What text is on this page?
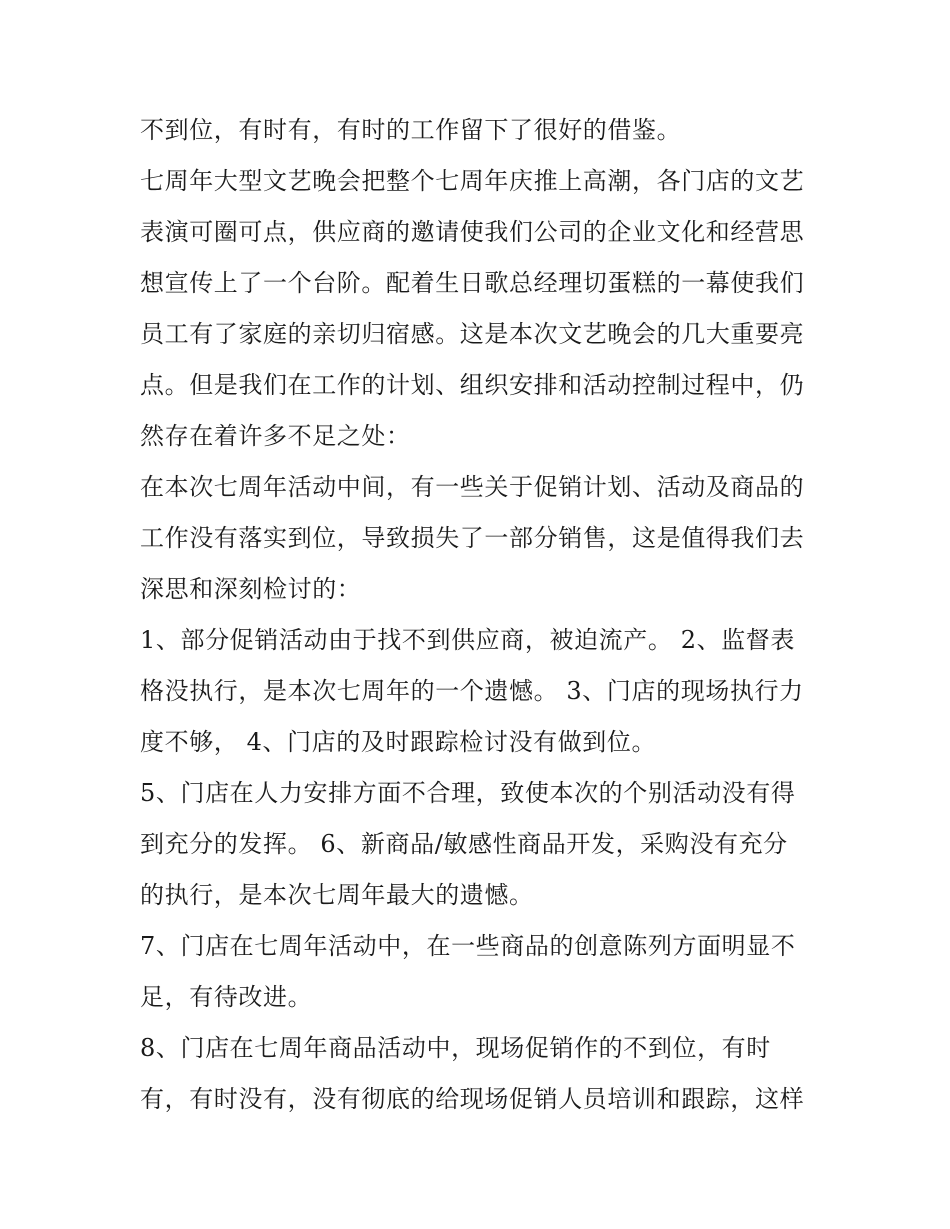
不到位，有时有，有时的工作留下了很好的借鉴。
七周年大型文艺晚会把整个七周年庆推上高潮，各门店的文艺
表演可圈可点，供应商的邀请使我们公司的企业文化和经营思
想宣传上了一个台阶。配着生日歌总经理切蛋糕的一幕使我们
员工有了家庭的亲切归宿感。这是本次文艺晚会的几大重要亮
点。但是我们在工作的计划、组织安排和活动控制过程中，仍
然存在着许多不足之处：
在本次七周年活动中间，有一些关于促销计划、活动及商品的
工作没有落实到位，导致损失了一部分销售，这是值得我们去
深思和深刻检讨的：
1、部分促销活动由于找不到供应商，被迫流产。 2、监督表
格没执行，是本次七周年的一个遗憾。 3、门店的现场执行力
度不够， 4、门店的及时跟踪检讨没有做到位。
5、门店在人力安排方面不合理，致使本次的个别活动没有得
到充分的发挥。 6、新商品/敏感性商品开发，采购没有充分
的执行，是本次七周年最大的遗憾。
7、门店在七周年活动中，在一些商品的创意陈列方面明显不
足，有待改进。
8、门店在七周年商品活动中，现场促销作的不到位，有时
有，有时没有，没有彻底的给现场促销人员培训和跟踪，这样
